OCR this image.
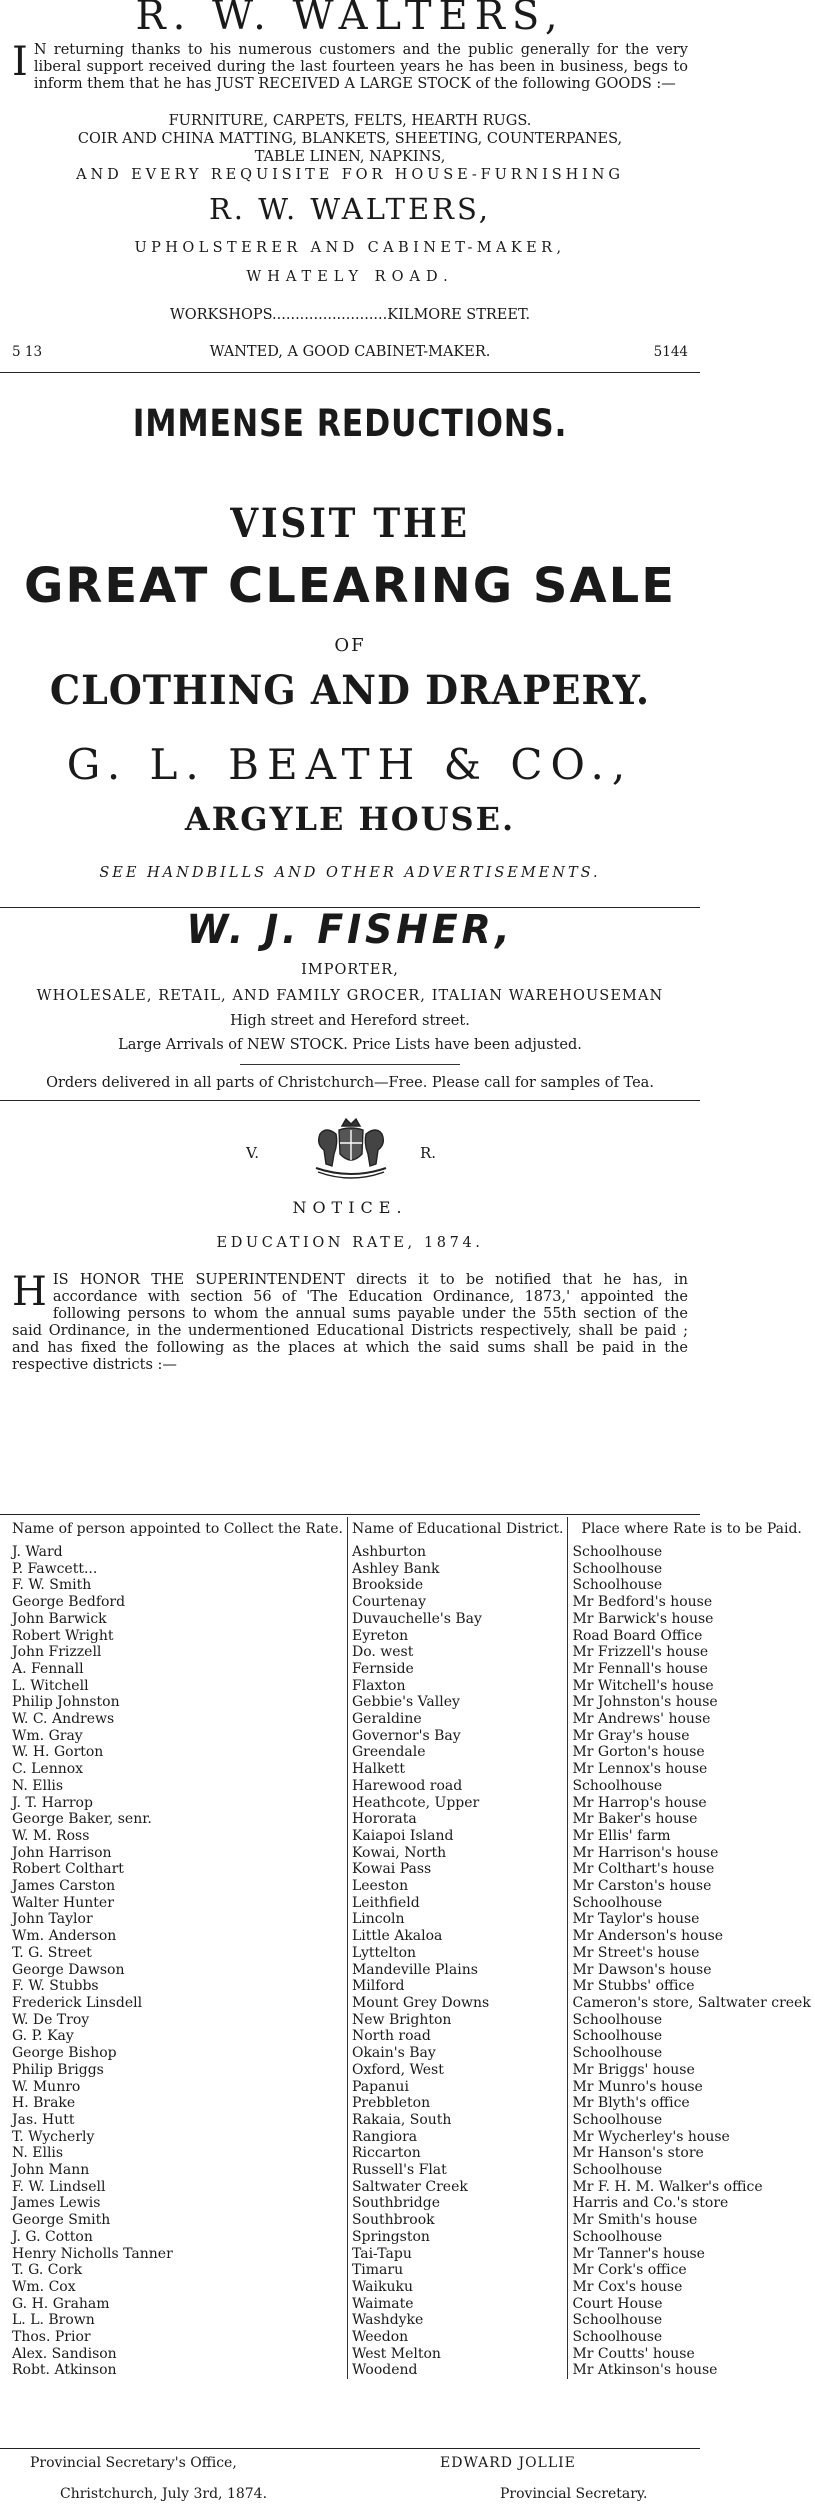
R. W. WALTERS,
I N returning thanks to his numerous customers and the public generally for the very liberal support received during the last fourteen years he has been in business, begs to inform them that he has JUST RECEIVED A LARGE STOCK of the following GOODS :—
FURNITURE, CARPETS, FELTS, HEARTH RUGS.
COIR AND CHINA MATTING, BLANKETS, SHEETING, COUNTERPANES,
TABLE LINEN, NAPKINS,
AND EVERY REQUISITE FOR HOUSE-FURNISHING
R. W. WALTERS,
UPHOLSTERER AND CABINET-MAKER,
WHATELY ROAD.
WORKSHOPS.........................KILMORE STREET.
5 13	WANTED, A GOOD CABINET-MAKER.	5144
IMMENSE REDUCTIONS.
VISIT THE
GREAT CLEARING SALE
OF
CLOTHING AND DRAPERY.
G. L. BEATH & CO.,
ARGYLE HOUSE.
SEE HANDBILLS AND OTHER ADVERTISEMENTS.
W. J. FISHER,
IMPORTER,
WHOLESALE, RETAIL, AND FAMILY GROCER, ITALIAN WAREHOUSEMAN
High street and Hereford street.
Large Arrivals of NEW STOCK. Price Lists have been adjusted.
Orders delivered in all parts of Christchurch—Free. Please call for samples of Tea.
V.	R.
NOTICE.
EDUCATION RATE, 1874.
HIS HONOR THE SUPERINTENDENT directs it to be notified that he has, in accordance with section 56 of 'The Education Ordinance, 1873,' appointed the following persons to whom the annual sums payable under the 55th section of the said Ordinance, in the undermentioned Educational Districts respectively, shall be paid ; and has fixed the following as the places at which the said sums shall be paid in the respective districts :—
Name of person appointed to Collect the Rate.	Name of Educational District.	Place where Rate is to be Paid.
J. Ward	Ashburton	Schoolhouse
P. Fawcett...	Ashley Bank	Schoolhouse
F. W. Smith	Brookside	Schoolhouse
George Bedford	Courtenay	Mr Bedford's house
John Barwick	Duvauchelle's Bay	Mr Barwick's house
Robert Wright	Eyreton	Road Board Office
John Frizzell	Do. west	Mr Frizzell's house
A. Fennall	Fernside	Mr Fennall's house
L. Witchell	Flaxton	Mr Witchell's house
Philip Johnston	Gebbie's Valley	Mr Johnston's house
W. C. Andrews	Geraldine	Mr Andrews' house
Wm. Gray	Governor's Bay	Mr Gray's house
W. H. Gorton	Greendale	Mr Gorton's house
C. Lennox	Halkett	Mr Lennox's house
N. Ellis	Harewood road	Schoolhouse
J. T. Harrop	Heathcote, Upper	Mr Harrop's house
George Baker, senr.	Hororata	Mr Baker's house
W. M. Ross	Kaiapoi Island	Mr Ellis' farm
John Harrison	Kowai, North	Mr Harrison's house
Robert Colthart	Kowai Pass	Mr Colthart's house
James Carston	Leeston	Mr Carston's house
Walter Hunter	Leithfield	Schoolhouse
John Taylor	Lincoln	Mr Taylor's house
Wm. Anderson	Little Akaloa	Mr Anderson's house
T. G. Street	Lyttelton	Mr Street's house
George Dawson	Mandeville Plains	Mr Dawson's house
F. W. Stubbs	Milford	Mr Stubbs' office
Frederick Linsdell	Mount Grey Downs	Cameron's store, Saltwater creek
W. De Troy	New Brighton	Schoolhouse
G. P. Kay	North road	Schoolhouse
George Bishop	Okain's Bay	Schoolhouse
Philip Briggs	Oxford, West	Mr Briggs' house
W. Munro	Papanui	Mr Munro's house
H. Brake	Prebbleton	Mr Blyth's office
Jas. Hutt	Rakaia, South	Schoolhouse
T. Wycherly	Rangiora	Mr Wycherley's house
N. Ellis	Riccarton	Mr Hanson's store
John Mann	Russell's Flat	Schoolhouse
F. W. Lindsell	Saltwater Creek	Mr F. H. M. Walker's office
James Lewis	Southbridge	Harris and Co.'s store
George Smith	Southbrook	Mr Smith's house
J. G. Cotton	Springston	Schoolhouse
Henry Nicholls Tanner	Tai-Tapu	Mr Tanner's house
T. G. Cork	Timaru	Mr Cork's office
Wm. Cox	Waikuku	Mr Cox's house
G. H. Graham	Waimate	Court House
L. L. Brown	Washdyke	Schoolhouse
Thos. Prior	Weedon	Schoolhouse
Alex. Sandison	West Melton	Mr Coutts' house
Robt. Atkinson	Woodend	Mr Atkinson's house
Provincial Secretary's Office,	EDWARD JOLLIE
Christchurch, July 3rd, 1874.	Provincial Secretary.
